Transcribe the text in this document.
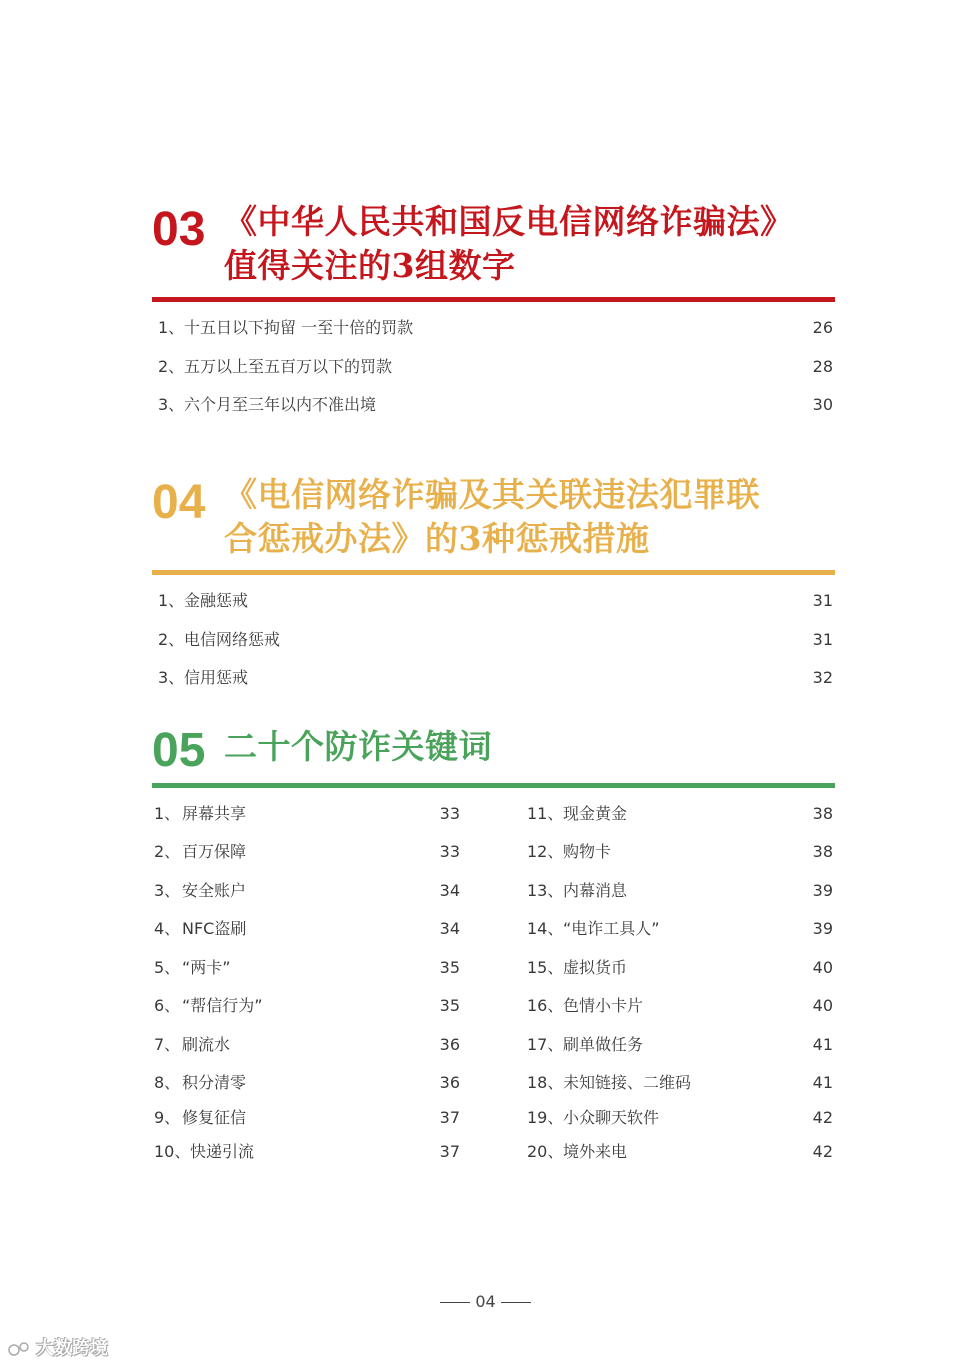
03 《中华人民共和国反电信网络诈骗法》
值得关注的3组数字
1、 十五日以下拘留 一至十倍的罚款	26
2、 五万以上至五百万以下的罚款	28
3、 六个月至三年以内不准出境	30
04 《电信网络诈骗及其关联违法犯罪联
合惩戒办法》的3种惩戒措施
1、 金融惩戒	31
2、 电信网络惩戒	31
3、 信用惩戒	32
05 二十个防诈关键词
1、 屏幕共享	33
2、 百万保障	33
3、 安全账户	34
4、 NFC盗刷	34
5、 “两卡”	35
6、 “帮信行为”	35
7、 刷流水	36
8、 积分清零	36
9、 修复征信	37
10、 快递引流	37
11、 现金黄金	38
12、 购物卡	38
13、 内幕消息	39
14、 “电诈工具人”	39
15、 虚拟货币	40
16、 色情小卡片	40
17、 刷单做任务	41
18、 未知链接、二维码	41
19、 小众聊天软件	42
20、 境外来电	42
04
大数跨境
